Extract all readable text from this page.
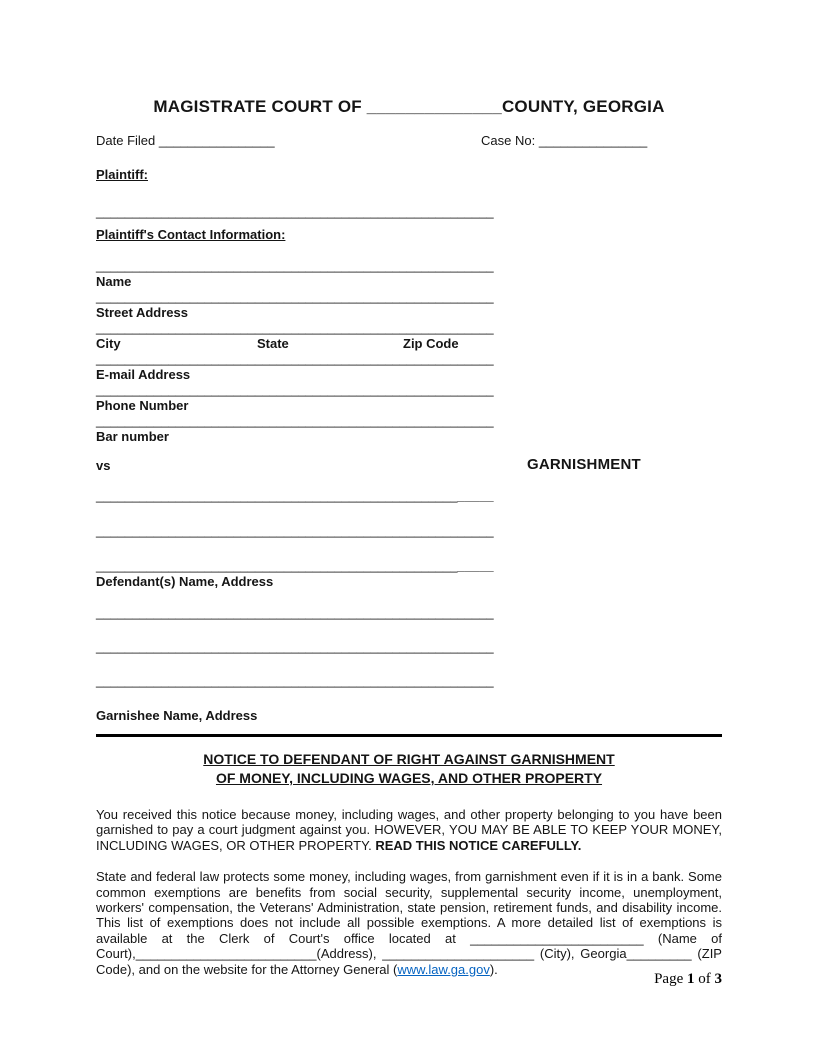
MAGISTRATE COURT OF ______________COUNTY, GEORGIA
Date Filed ________________	Case No: _______________
Plaintiff:
_______________________________________________________
Plaintiff's Contact Information:
_______________________________________________________
Name
_______________________________________________________
Street Address
_______________________________________________________
City	State	Zip Code
_______________________________________________________
E-mail Address
_______________________________________________________
Phone Number
_______________________________________________________
Bar number
vs	GARNISHMENT
_______________________________________________________
_______________________________________________________
_______________________________________________________
Defendant(s) Name, Address
_______________________________________________________
_______________________________________________________
_______________________________________________________
Garnishee Name, Address
NOTICE TO DEFENDANT OF RIGHT AGAINST GARNISHMENT
OF MONEY, INCLUDING WAGES, AND OTHER PROPERTY

You received this notice because money, including wages, and other property belonging to you have been garnished to pay a court judgment against you. HOWEVER, YOU MAY BE ABLE TO KEEP YOUR MONEY, INCLUDING WAGES, OR OTHER PROPERTY. READ THIS NOTICE CAREFULLY.

State and federal law protects some money, including wages, from garnishment even if it is in a bank. Some common exemptions are benefits from social security, supplemental security income, unemployment, workers' compensation, the Veterans' Administration, state pension, retirement funds, and disability income. This list of exemptions does not include all possible exemptions. A more detailed list of exemptions is available at the Clerk of Court's office located at ________________________ (Name of Court),_________________________(Address), _____________________ (City), Georgia_________ (ZIP Code), and on the website for the Attorney General (www.law.ga.gov).

Page 1 of 3
